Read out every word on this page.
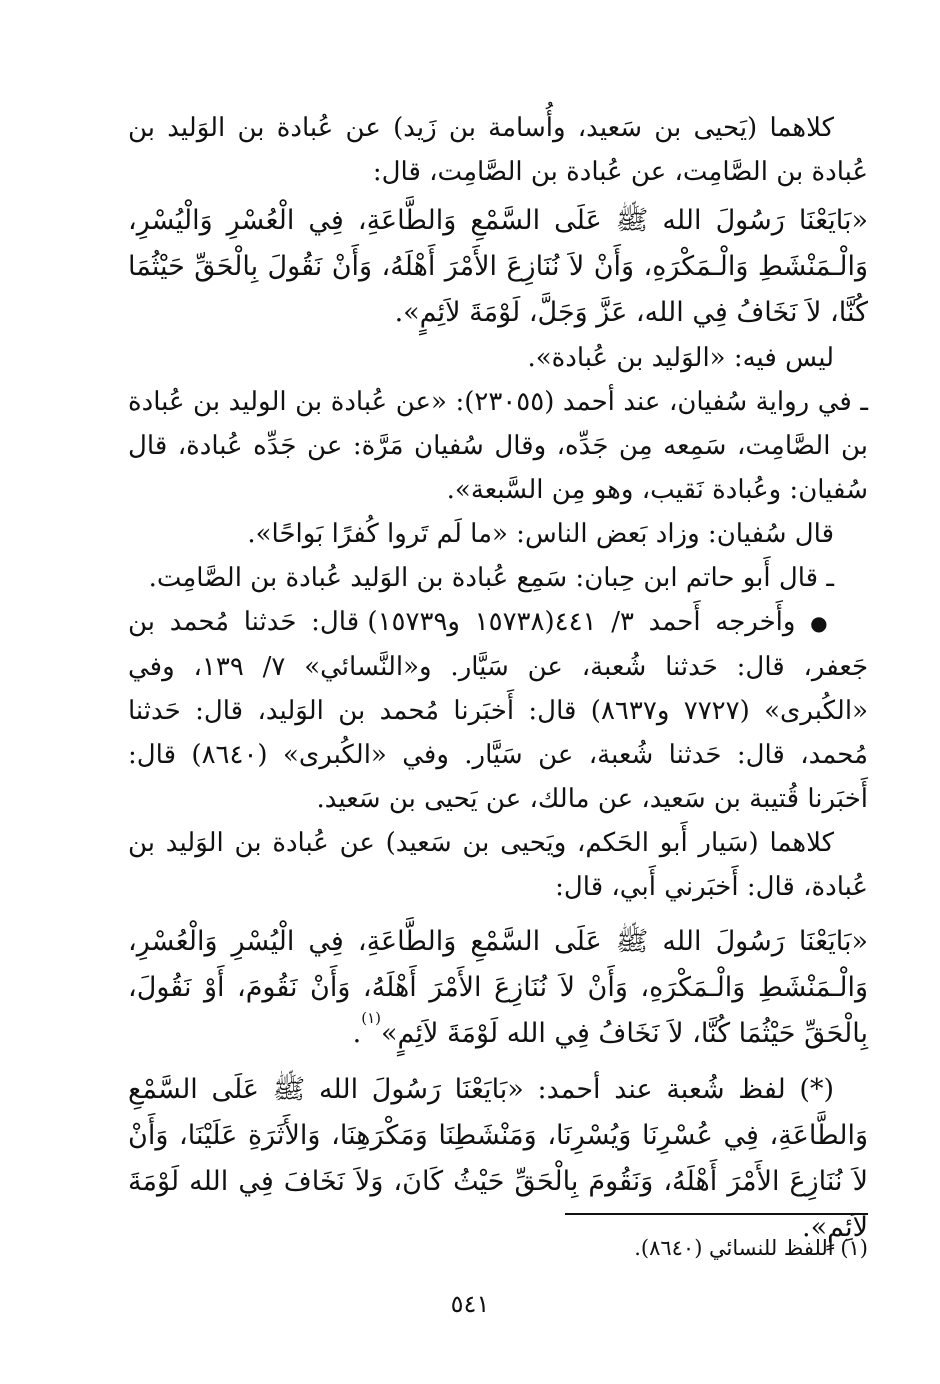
كلاهما (يَحيى بن سَعيد، وأُسامة بن زَيد) عن عُبادة بن الوَليد بن عُبادة بن الصَّامِت، عن عُبادة بن الصَّامِت، قال:

«بَايَعْنَا رَسُولَ الله ﷺ عَلَى السَّمْعِ وَالطَّاعَةِ، فِي الْعُسْرِ وَالْيُسْرِ، وَالْـمَنْشَطِ وَالْـمَكْرَهِ، وَأَنْ لاَ نُنَازِعَ الأَمْرَ أَهْلَهُ، وَأَنْ نَقُولَ بِالْحَقِّ حَيْثُمَا كُنَّا، لاَ نَخَافُ فِي الله، عَزَّ وَجَلَّ، لَوْمَةَ لاَئِمٍ».

ليس فيه: «الوَليد بن عُبادة».

ـ في رواية سُفيان، عند أحمد (٢٣٠٥٥): «عن عُبادة بن الوليد بن عُبادة بن الصَّامِت، سَمِعه مِن جَدِّه، وقال سُفيان مَرَّة: عن جَدِّه عُبادة، قال سُفيان: وعُبادة نَقيب، وهو مِن السَّبعة».

قال سُفيان: وزاد بَعض الناس: «ما لَم تَروا كُفرًا بَواحًا».

ـ قال أَبو حاتم ابن حِبان: سَمِع عُبادة بن الوَليد عُبادة بن الصَّامِت.

● وأَخرجه أَحمد ٣/ ٤٤١(١٥٧٣٨ و١٥٧٣٩) قال: حَدثنا مُحمد بن جَعفر، قال: حَدثنا شُعبة، عن سَيَّار. و«النَّسائي» ٧/ ١٣٩، وفي «الكُبرى» (٧٧٢٧ و٨٦٣٧) قال: أَخبَرنا مُحمد بن الوَليد، قال: حَدثنا مُحمد، قال: حَدثنا شُعبة، عن سَيَّار. وفي «الكُبرى» (٨٦٤٠) قال: أَخبَرنا قُتيبة بن سَعيد، عن مالك، عن يَحيى بن سَعيد.

كلاهما (سَيار أَبو الحَكم، ويَحيى بن سَعيد) عن عُبادة بن الوَليد بن عُبادة، قال: أَخبَرني أَبي، قال:

«بَايَعْنَا رَسُولَ الله ﷺ عَلَى السَّمْعِ وَالطَّاعَةِ، فِي الْيُسْرِ وَالْعُسْرِ، وَالْـمَنْشَطِ وَالْـمَكْرَهِ، وَأَنْ لاَ نُنَازِعَ الأَمْرَ أَهْلَهُ، وَأَنْ نَقُومَ، أَوْ نَقُولَ، بِالْحَقِّ حَيْثُمَا كُنَّا، لاَ نَخَافُ فِي الله لَوْمَةَ لاَئِمٍ»$^{(١)}$.

(*) لفظ شُعبة عند أحمد: «بَايَعْنَا رَسُولَ الله ﷺ عَلَى السَّمْعِ وَالطَّاعَةِ، فِي عُسْرِنَا وَيُسْرِنَا، وَمَنْشَطِنَا وَمَكْرَهِنَا، وَالأَثَرَةِ عَلَيْنَا، وَأَنْ لاَ نُنَازِعَ الأَمْرَ أَهْلَهُ، وَنَقُومَ بِالْحَقِّ حَيْثُ كَانَ، وَلاَ نَخَافَ فِي الله لَوْمَةَ لاَئِمٍ».

(١) اللفظ للنسائي (٨٦٤٠).
٥٤١
